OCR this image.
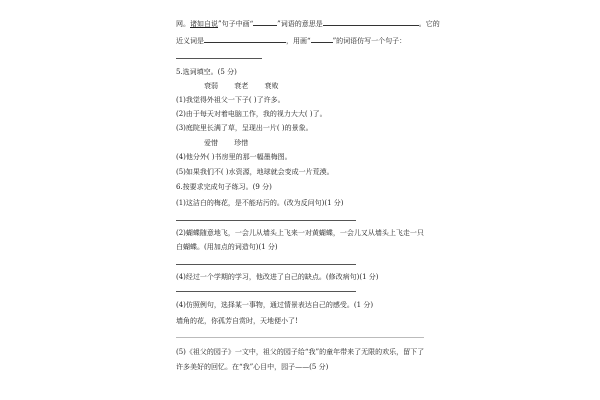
网。诸如自说”句子中画“	”词语的意思是	。它的
近义词是	，用画“	”的词语仿写一个句子：
5.选词填空。(5 分)
衰弱 衰老 衰败
(1)我觉得外祖父一下子( )了许多。
(2)由于每天对着电脑工作，我的视力大大( )了。
(3)庭院里长满了草，呈现出一片( )的景象。
爱惜 珍惜
(4)他分外( )书房里的那一幅墨梅图。
(5)如果我们不( )水资源，地球就会变成一片荒漠。
6.按要求完成句子练习。(9 分)
(1)这洁白的梅花，是不能玷污的。(改为反问句)(1 分)
(2)蝴蝶随意地飞，一会儿从墙头上飞来一对黄蝴蝶，一会儿又从墙头上飞走一只
白蝴蝶。(用加点的词造句)(1 分)
(4)经过一个学期的学习，他改进了自己的缺点。(修改病句)(1 分)
(4)仿照例句，选择某一事物，通过情景表达自己的感受。(1 分)
墙角的花，你孤芳自赏时，天地便小了!
(5)《祖父的园子》一文中，祖父的园子给“我”的童年带来了无限的欢乐，留下了
许多美好的回忆。在“我”心目中，园子——(5 分)
